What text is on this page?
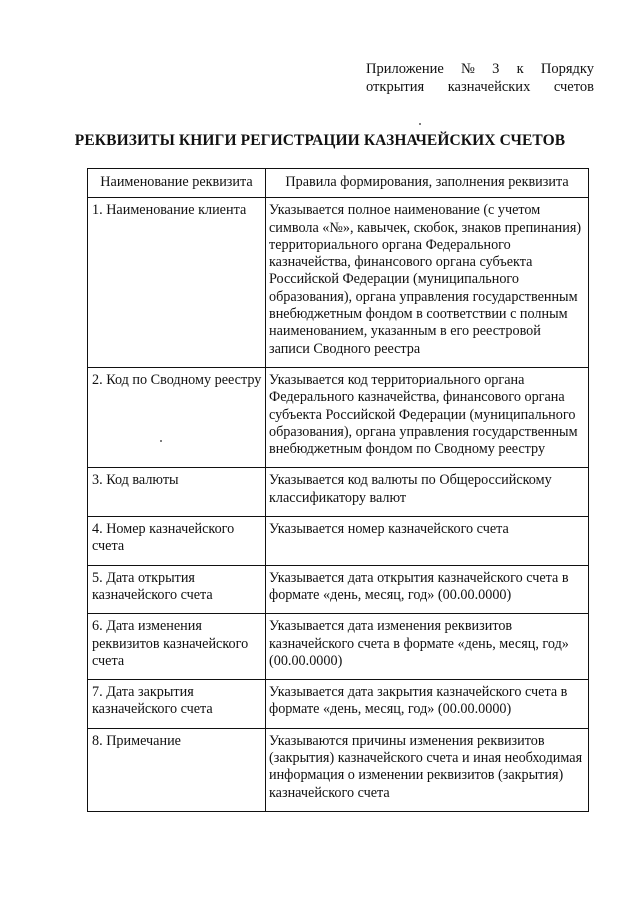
Приложение № 3 к Порядку
открытия казначейских счетов
РЕКВИЗИТЫ КНИГИ РЕГИСТРАЦИИ КАЗНАЧЕЙСКИХ СЧЕТОВ
Наименование реквизита	Правила формирования, заполнения реквизита
1. Наименование клиента	Указывается полное наименование (с учетом символа «№», кавычек, скобок, знаков препинания) территориального органа Федерального казначейства, финансового органа субъекта Российской Федерации (муниципального образования), органа управления государственным внебюджетным фондом в соответствии с полным наименованием, указанным в его реестровой записи Сводного реестра
2. Код по Сводному реестру	Указывается код территориального органа Федерального казначейства, финансового органа субъекта Российской Федерации (муниципального образования), органа управления государственным внебюджетным фондом по Сводному реестру
3. Код валюты	Указывается код валюты по Общероссийскому классификатору валют
4. Номер казначейского счета	Указывается номер казначейского счета
5. Дата открытия казначейского счета	Указывается дата открытия казначейского счета в формате «день, месяц, год» (00.00.0000)
6. Дата изменения реквизитов казначейского счета	Указывается дата изменения реквизитов казначейского счета в формате «день, месяц, год» (00.00.0000)
7. Дата закрытия казначейского счета	Указывается дата закрытия казначейского счета в формате «день, месяц, год» (00.00.0000)
8. Примечание	Указываются причины изменения реквизитов (закрытия) казначейского счета и иная необходимая информация о изменении реквизитов (закрытия) казначейского счета
